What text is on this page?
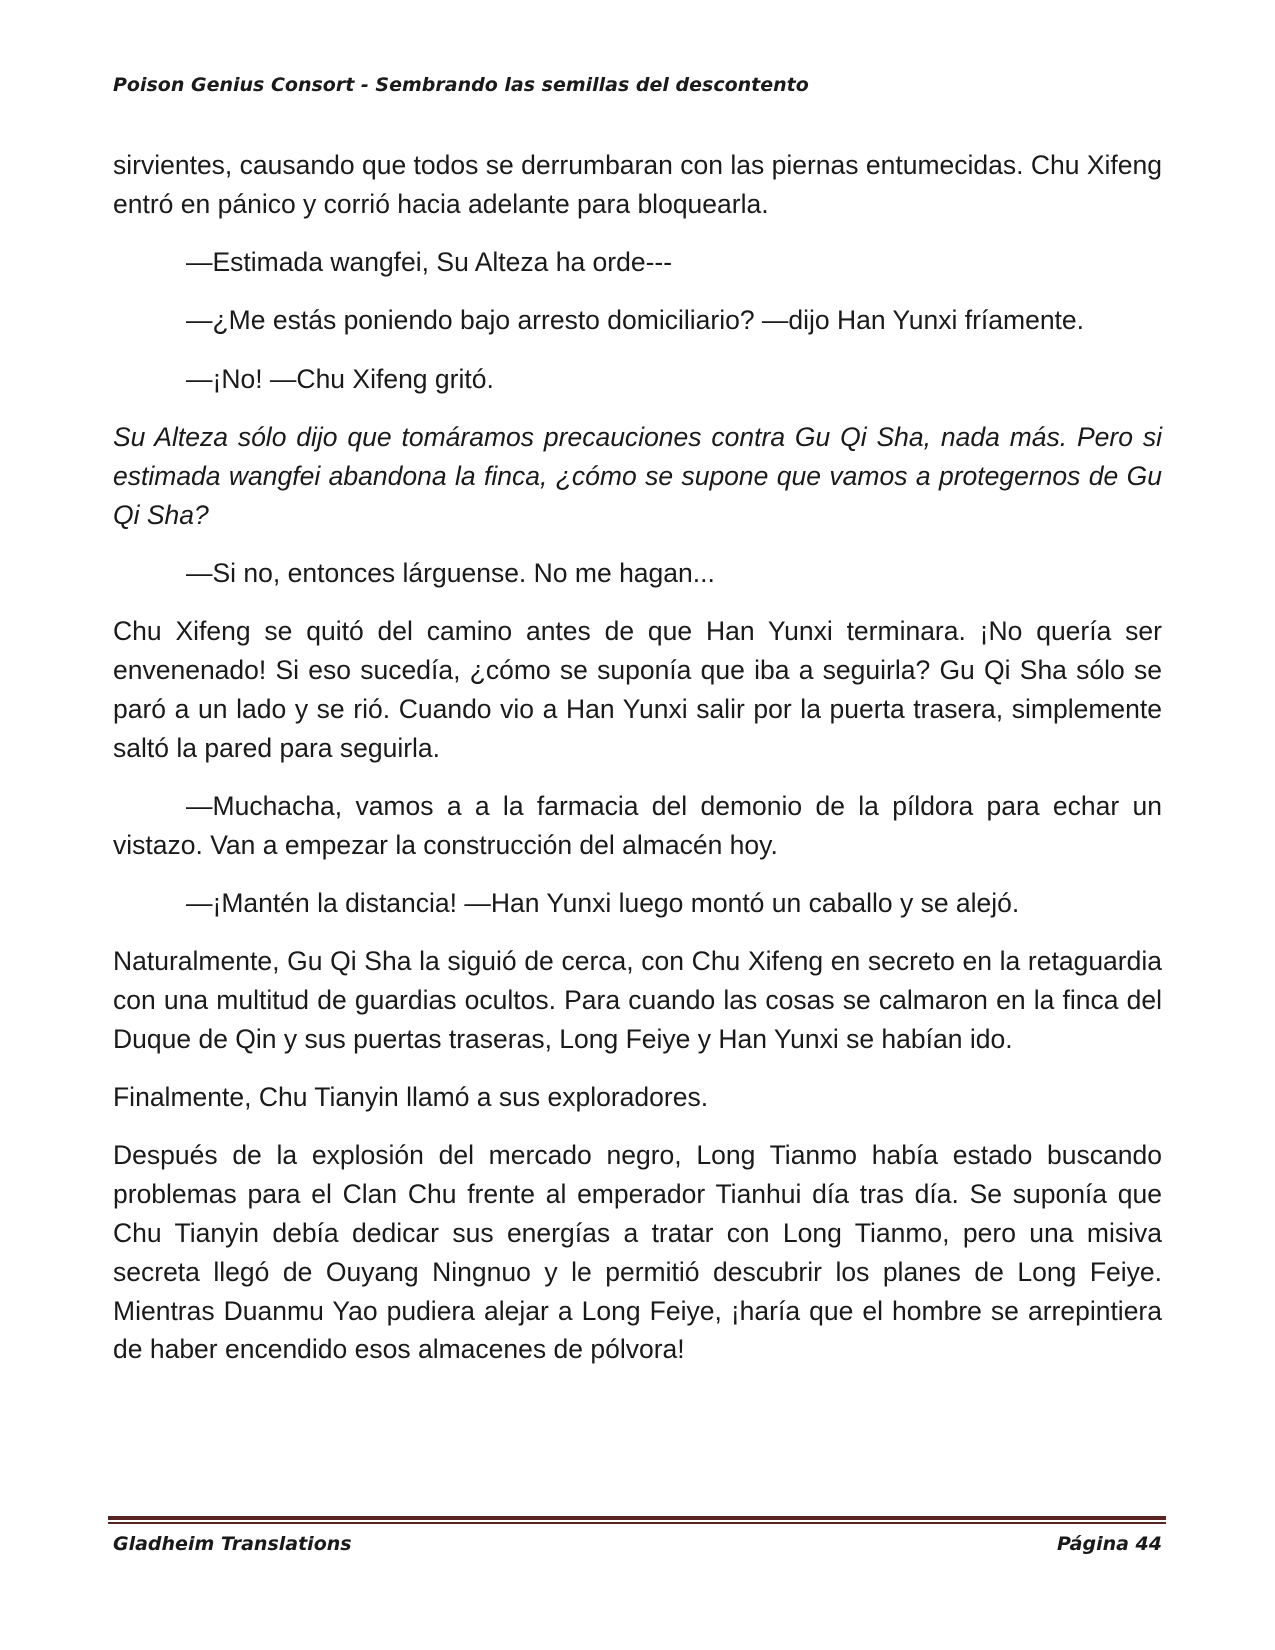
Poison Genius Consort - Sembrando las semillas del descontento

sirvientes, causando que todos se derrumbaran con las piernas entumecidas. Chu Xifeng entró en pánico y corrió hacia adelante para bloquearla.

—Estimada wangfei, Su Alteza ha orde---

—¿Me estás poniendo bajo arresto domiciliario? —dijo Han Yunxi fríamente.

—¡No! —Chu Xifeng gritó.

Su Alteza sólo dijo que tomáramos precauciones contra Gu Qi Sha, nada más. Pero si estimada wangfei abandona la finca, ¿cómo se supone que vamos a protegernos de Gu Qi Sha?

—Si no, entonces lárguense. No me hagan...

Chu Xifeng se quitó del camino antes de que Han Yunxi terminara. ¡No quería ser envenenado! Si eso sucedía, ¿cómo se suponía que iba a seguirla? Gu Qi Sha sólo se paró a un lado y se rió. Cuando vio a Han Yunxi salir por la puerta trasera, simplemente saltó la pared para seguirla.

—Muchacha, vamos a a la farmacia del demonio de la píldora para echar un vistazo. Van a empezar la construcción del almacén hoy.

—¡Mantén la distancia! —Han Yunxi luego montó un caballo y se alejó.

Naturalmente, Gu Qi Sha la siguió de cerca, con Chu Xifeng en secreto en la retaguardia con una multitud de guardias ocultos. Para cuando las cosas se calmaron en la finca del Duque de Qin y sus puertas traseras, Long Feiye y Han Yunxi se habían ido.

Finalmente, Chu Tianyin llamó a sus exploradores.

Después de la explosión del mercado negro, Long Tianmo había estado buscando problemas para el Clan Chu frente al emperador Tianhui día tras día. Se suponía que Chu Tianyin debía dedicar sus energías a tratar con Long Tianmo, pero una misiva secreta llegó de Ouyang Ningnuo y le permitió descubrir los planes de Long Feiye. Mientras Duanmu Yao pudiera alejar a Long Feiye, ¡haría que el hombre se arrepintiera de haber encendido esos almacenes de pólvora!

Gladheim Translations	Página 44
